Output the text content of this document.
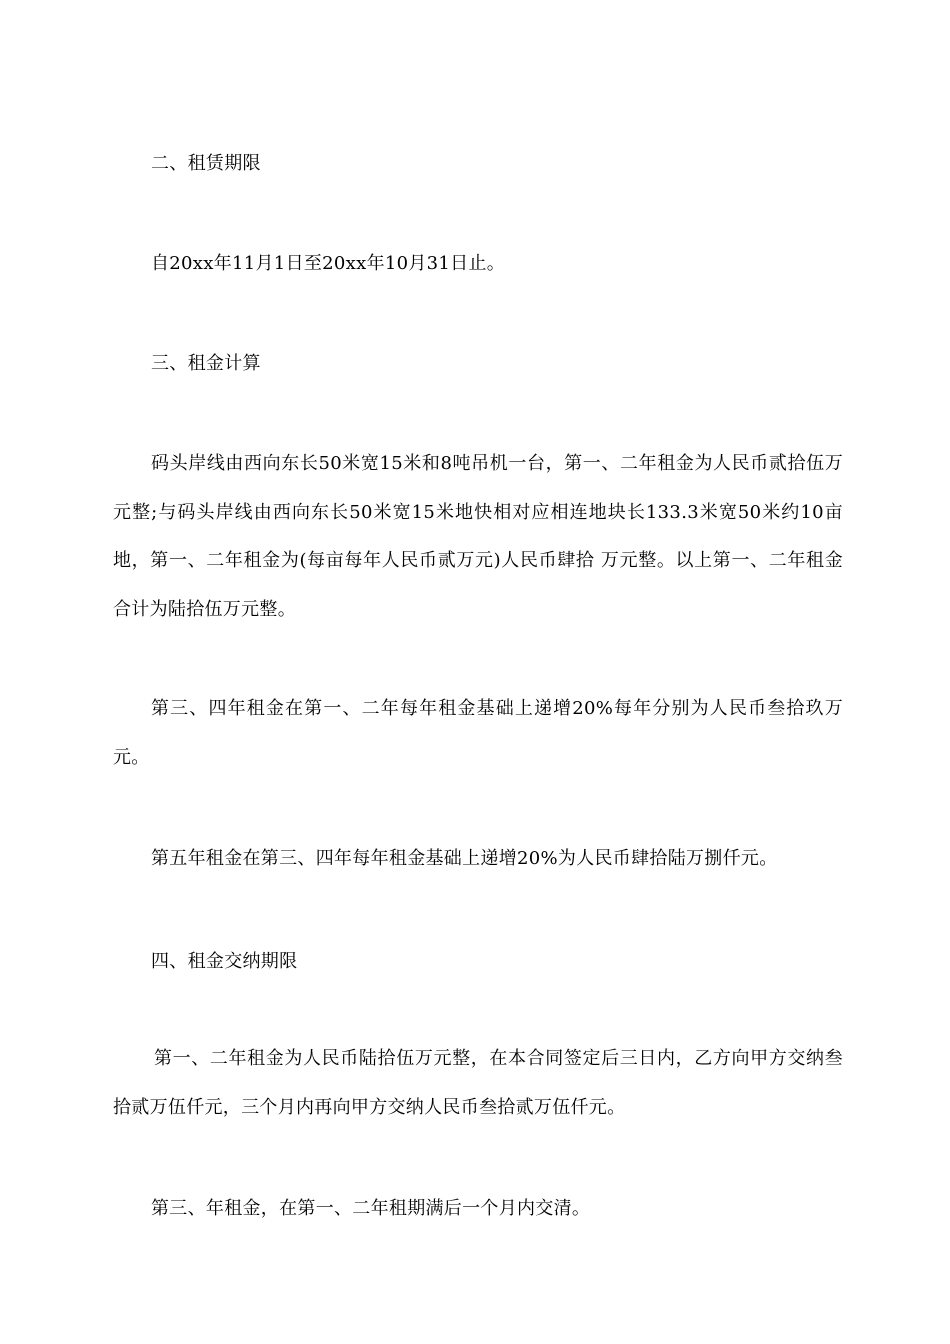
二、租赁期限

自20xx年11月1日至20xx年10月31日止。

三、租金计算

码头岸线由西向东长50米宽15米和8吨吊机一台，第一、二年租金为人民币贰拾伍万元整;与码头岸线由西向东长50米宽15米地快相对应相连地块长133.3米宽50米约10亩地，第一、二年租金为(每亩每年人民币贰万元)人民币肆拾 万元整。以上第一、二年租金合计为陆拾伍万元整。

第三、四年租金在第一、二年每年租金基础上递增20%每年分别为人民币叁拾玖万元。

第五年租金在第三、四年每年租金基础上递增20%为人民币肆拾陆万捌仟元。

四、租金交纳期限

第一、二年租金为人民币陆拾伍万元整，在本合同签定后三日内，乙方向甲方交纳叁拾贰万伍仟元，三个月内再向甲方交纳人民币叁拾贰万伍仟元。

第三、年租金，在第一、二年租期满后一个月内交清。
